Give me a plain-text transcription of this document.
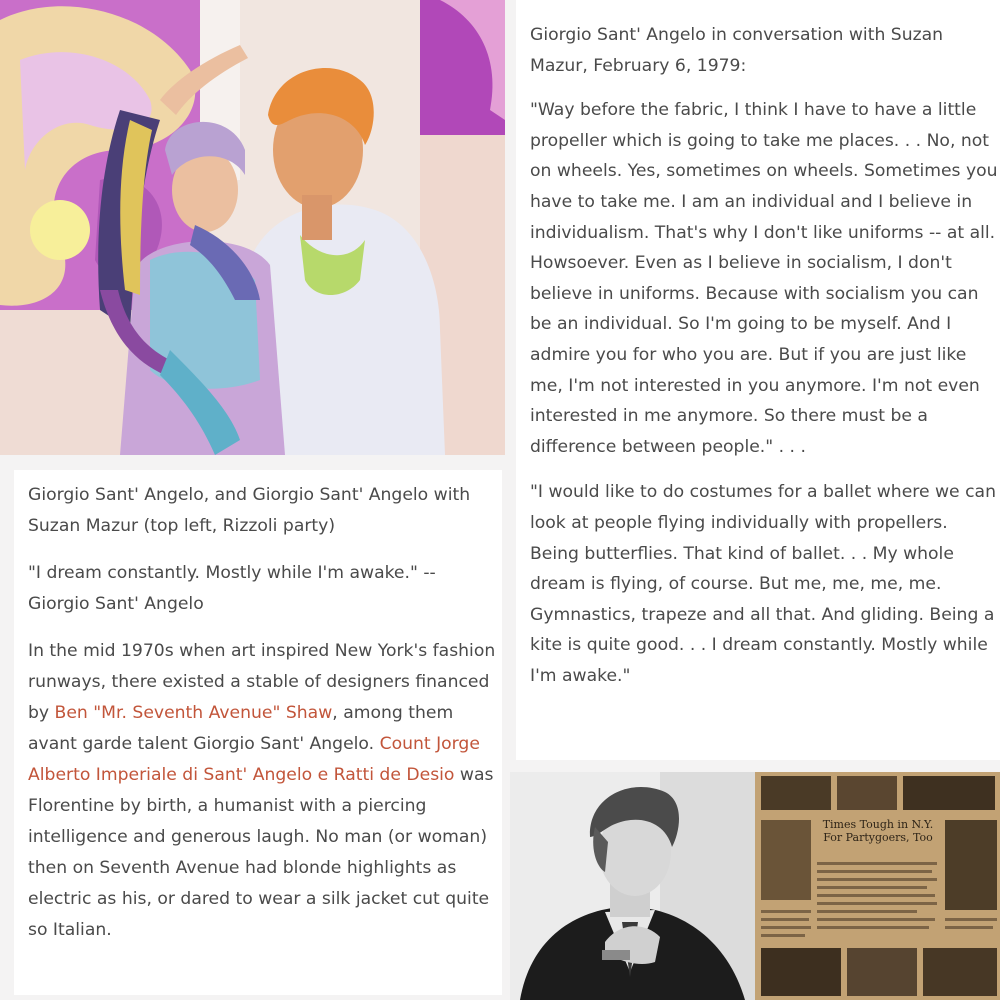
Giorgio Sant' Angelo, and Giorgio Sant' Angelo with Suzan Mazur (top left, Rizzoli party)

"I dream constantly. Mostly while I'm awake." -- Giorgio Sant' Angelo

In the mid 1970s when art inspired New York's fashion runways, there existed a stable of designers financed by Ben "Mr. Seventh Avenue" Shaw, among them avant garde talent Giorgio Sant' Angelo. Count Jorge Alberto Imperiale di Sant' Angelo e Ratti de Desio was Florentine by birth, a humanist with a piercing intelligence and generous laugh. No man (or woman) then on Seventh Avenue had blonde highlights as electric as his, or dared to wear a silk jacket cut quite so Italian.

Giorgio Sant' Angelo in conversation with Suzan Mazur, February 6, 1979:

"Way before the fabric, I think I have to have a little propeller which is going to take me places. . . No, not on wheels. Yes, sometimes on wheels. Sometimes you have to take me. I am an individual and I believe in individualism. That's why I don't like uniforms -- at all. Howsoever. Even as I believe in socialism, I don't believe in uniforms. Because with socialism you can be an individual. So I'm going to be myself. And I admire you for who you are. But if you are just like me, I'm not interested in you anymore. I'm not even interested in me anymore. So there must be a difference between people." . . .

"I would like to do costumes for a ballet where we can look at people flying individually with propellers. Being butterflies. That kind of ballet. . . My whole dream is flying, of course. But me, me, me, me. Gymnastics, trapeze and all that. And gliding. Being a kite is quite good. . . I dream constantly. Mostly while I'm awake."

Times Tough in N.Y. For Partygoers, Too
